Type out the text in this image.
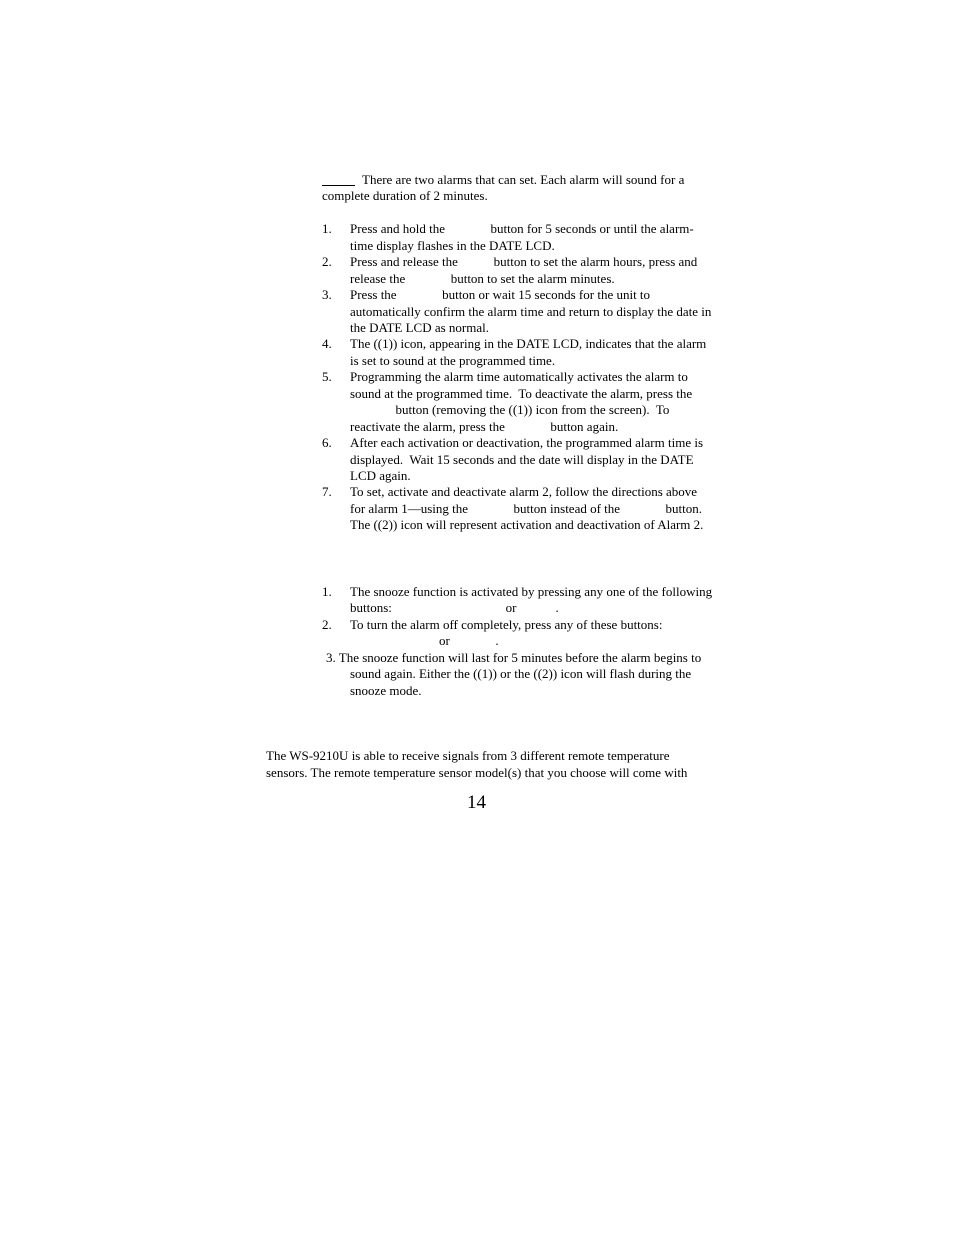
There are two alarms that can set. Each alarm will sound for a
complete duration of 2 minutes.
1. Press and hold the              button for 5 seconds or until the alarm-
time display flashes in the DATE LCD.
2. Press and release the           button to set the alarm hours, press and
release the              button to set the alarm minutes.
3. Press the              button or wait 15 seconds for the unit to
automatically confirm the alarm time and return to display the date in
the DATE LCD as normal.
4. The ((1)) icon, appearing in the DATE LCD, indicates that the alarm
is set to sound at the programmed time.
5. Programming the alarm time automatically activates the alarm to
sound at the programmed time.  To deactivate the alarm, press the
button (removing the ((1)) icon from the screen).  To
reactivate the alarm, press the              button again.
6. After each activation or deactivation, the programmed alarm time is
displayed.  Wait 15 seconds and the date will display in the DATE
LCD again.
7. To set, activate and deactivate alarm 2, follow the directions above
for alarm 1—using the              button instead of the              button.
The ((2)) icon will represent activation and deactivation of Alarm 2.
1. The snooze function is activated by pressing any one of the following
buttons:                                   or            .
2. To turn the alarm off completely, press any of these buttons:
or              .
3. The snooze function will last for 5 minutes before the alarm begins to
sound again. Either the ((1)) or the ((2)) icon will flash during the
snooze mode.
The WS-9210U is able to receive signals from 3 different remote temperature
sensors. The remote temperature sensor model(s) that you choose will come with
14
